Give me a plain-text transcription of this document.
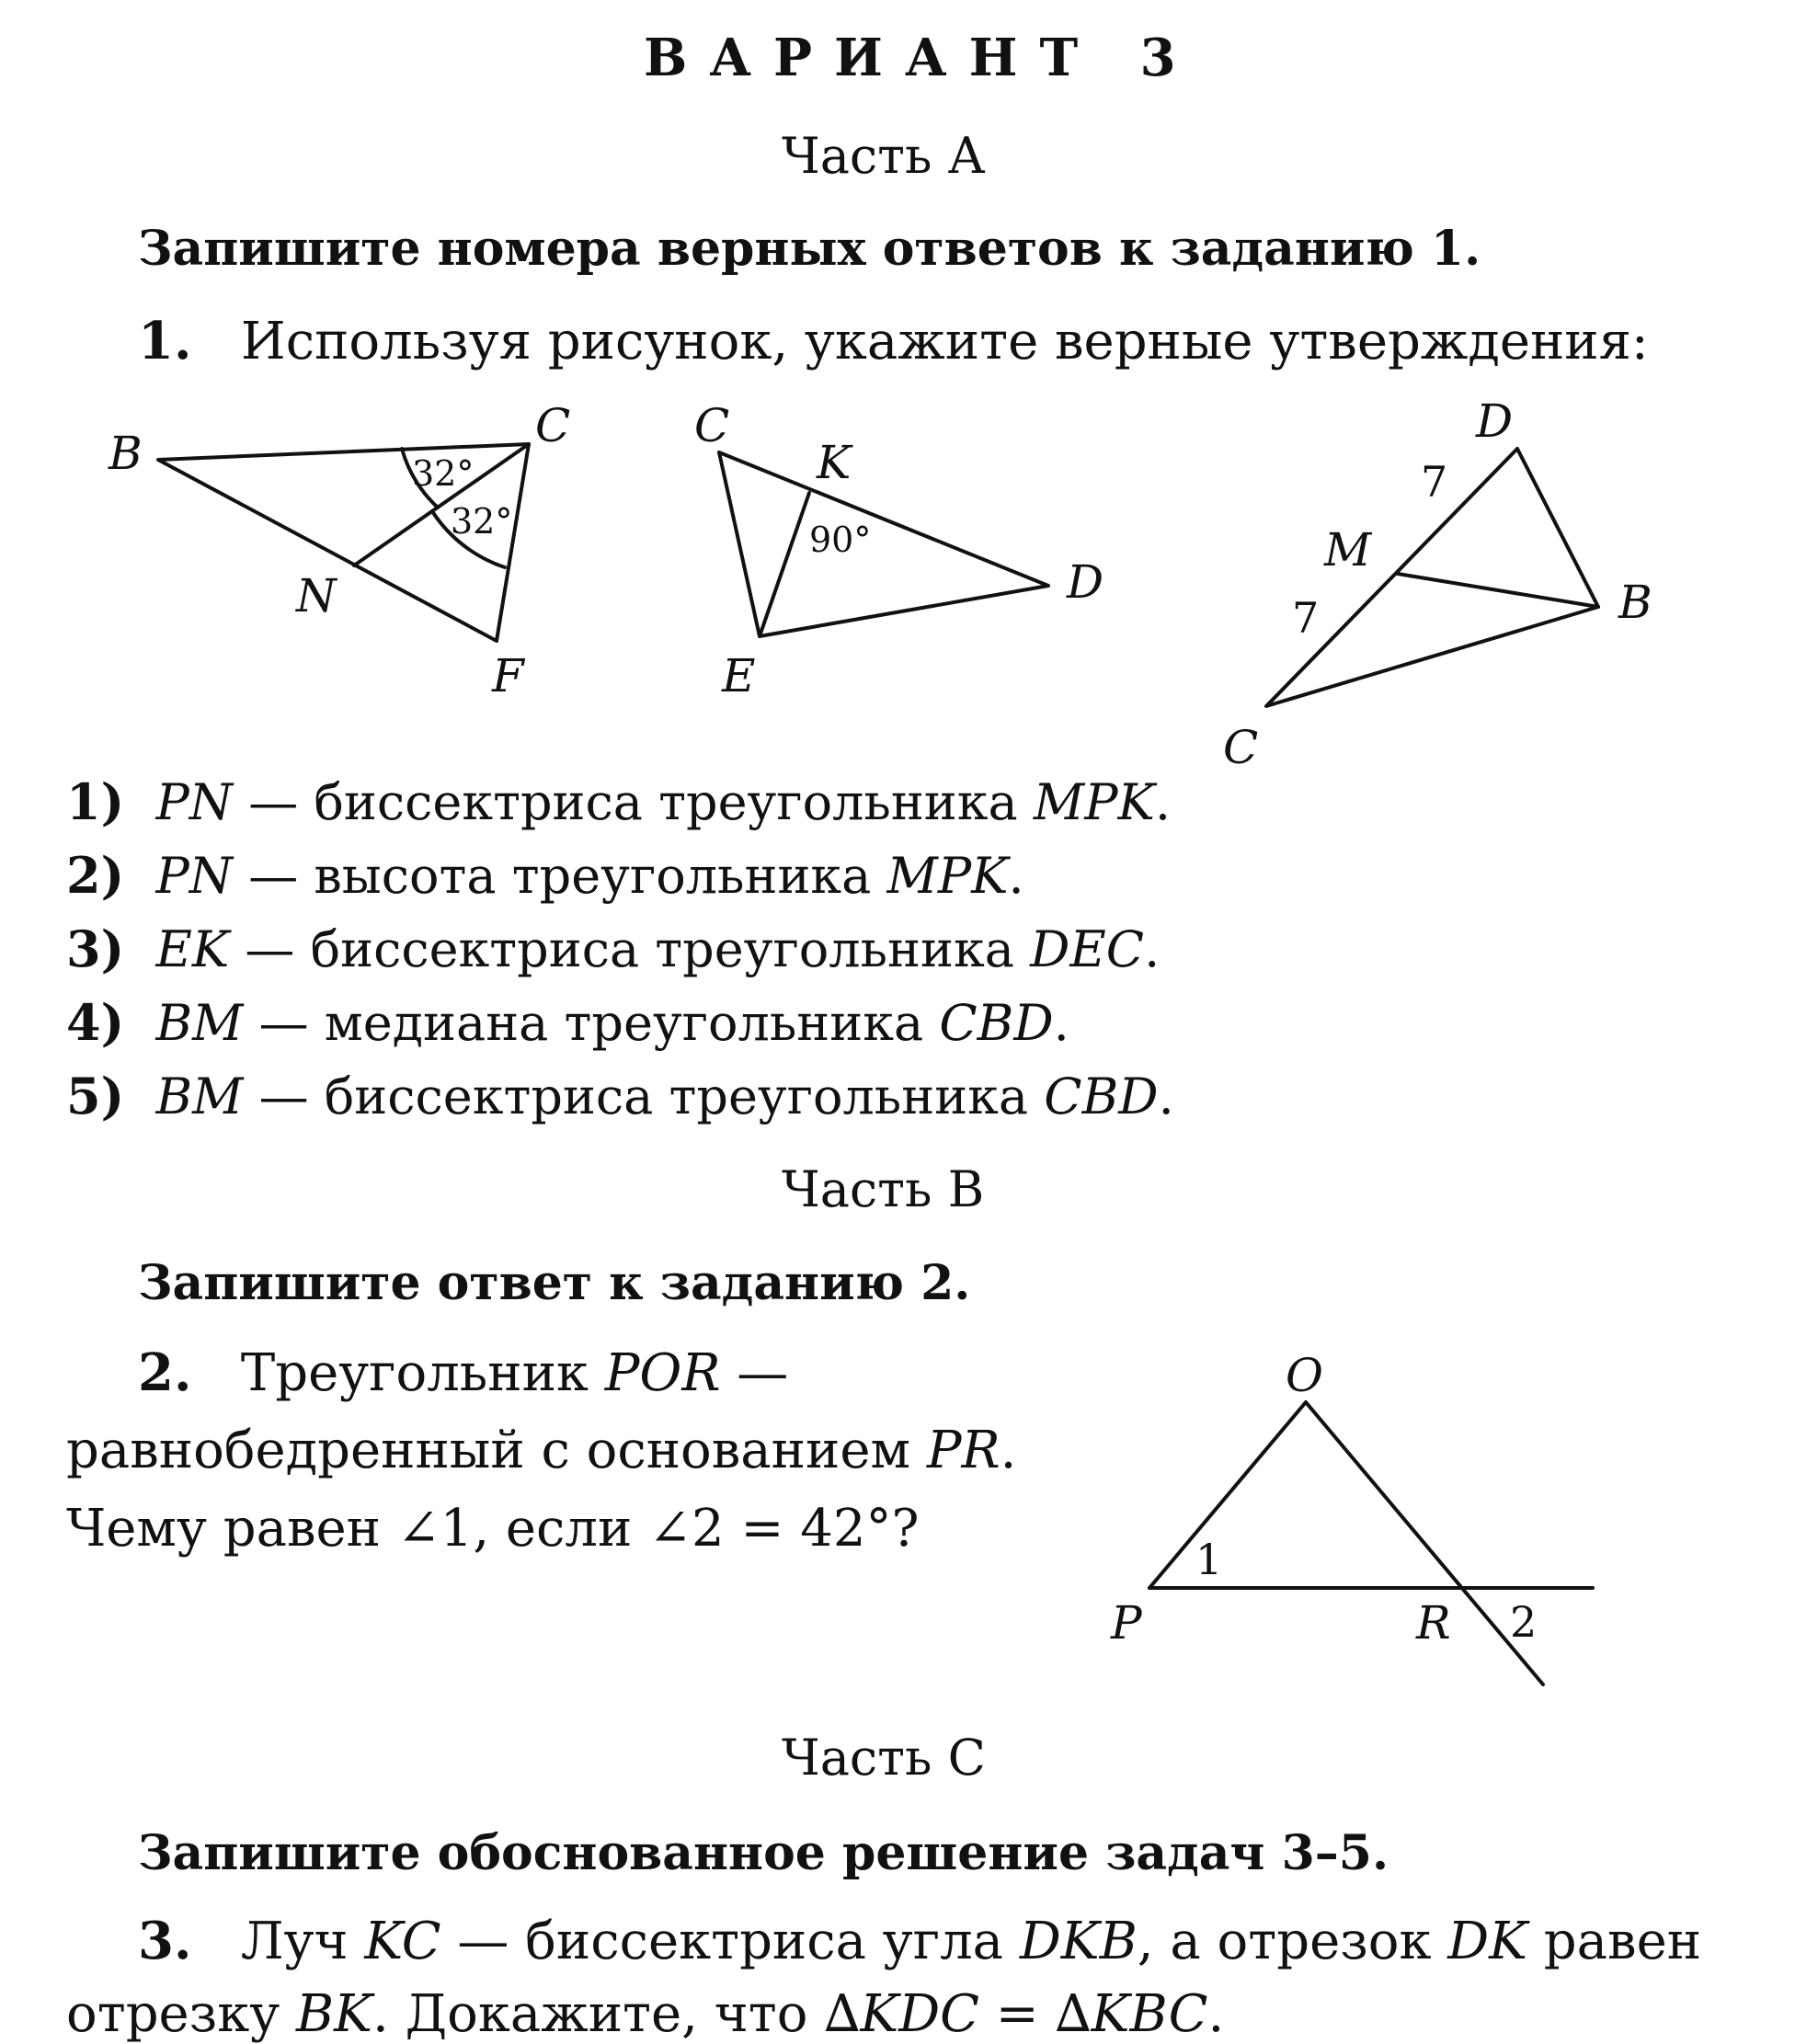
ВАРИАНТ 3
Часть А
Запишите номера верных ответов к заданию 1.
1. Используя рисунок, укажите верные утверждения:
B
C
N
F
32°
32°
C
K
D
E
90°
D
M
B
C
7
7
1) PN — биссектриса треугольника MPK.
2) PN — высота треугольника MPK.
3) EK — биссектриса треугольника DEC.
4) BM — медиана треугольника CBD.
5) BM — биссектриса треугольника CBD.
Часть В
Запишите ответ к заданию 2.
2. Треугольник POR —
равнобедренный с основанием PR.
Чему равен ∠1, если ∠2 = 42°?
O
P	R
1
2
Часть С
Запишите обоснованное решение задач 3–5.
3. Луч KC — биссектриса угла DKB, а отрезок DK равен
отрезку BK. Докажите, что ∆KDC = ∆KBC.
